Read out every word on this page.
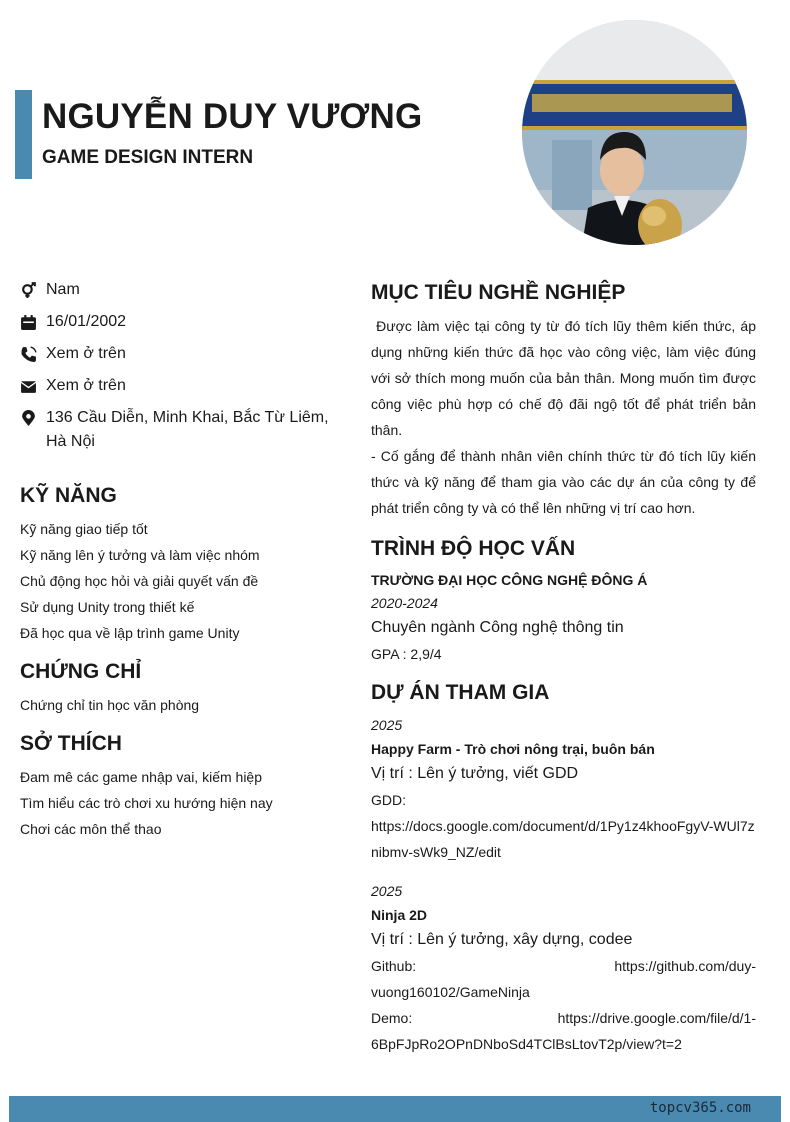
NGUYỄN DUY VƯƠNG
GAME DESIGN INTERN
Nam
16/01/2002
Xem ở trên
Xem ở trên
136 Cầu Diễn, Minh Khai, Bắc Từ Liêm, Hà Nội
KỸ NĂNG
Kỹ năng giao tiếp tốt
Kỹ năng lên ý tưởng và làm việc nhóm
Chủ động học hỏi và giải quyết vấn đề
Sử dụng Unity trong thiết kế
Đã học qua về lập trình game Unity
CHỨNG CHỈ
Chứng chỉ tin học văn phòng
SỞ THÍCH
Đam mê các game nhập vai, kiếm hiệp
Tìm hiểu các trò chơi xu hướng hiện nay
Chơi các môn thể thao
MỤC TIÊU NGHỀ NGHIỆP
Được làm việc tại công ty từ đó tích lũy thêm kiến thức, áp dụng những kiến thức đã học vào công việc, làm việc đúng với sở thích mong muốn của bản thân. Mong muốn tìm được công việc phù hợp có chế độ đãi ngộ tốt để phát triển bản thân.
- Cố gắng để thành nhân viên chính thức từ đó tích lũy kiến thức và kỹ năng để tham gia vào các dự án của công ty để phát triển công ty và có thể lên những vị trí cao hơn.
TRÌNH ĐỘ HỌC VẤN
TRƯỜNG ĐẠI HỌC CÔNG NGHỆ ĐÔNG Á
2020-2024
Chuyên ngành Công nghệ thông tin
GPA : 2,9/4
DỰ ÁN THAM GIA
2025
Happy Farm - Trò chơi nông trại, buôn bán
Vị trí : Lên ý tưởng, viết GDD
GDD:
https://docs.google.com/document/d/1Py1z4khooFgyV-WUl7znibmv-sWk9_NZ/edit
2025
Ninja 2D
Vị trí : Lên ý tưởng, xây dựng, codee
Github:	https://github.com/duy-
vuong160102/GameNinja
Demo:	https://drive.google.com/file/d/1-
6BpFJpRo2OPnDNboSd4TClBsLtovT2p/view?t=2
topcv365.com
